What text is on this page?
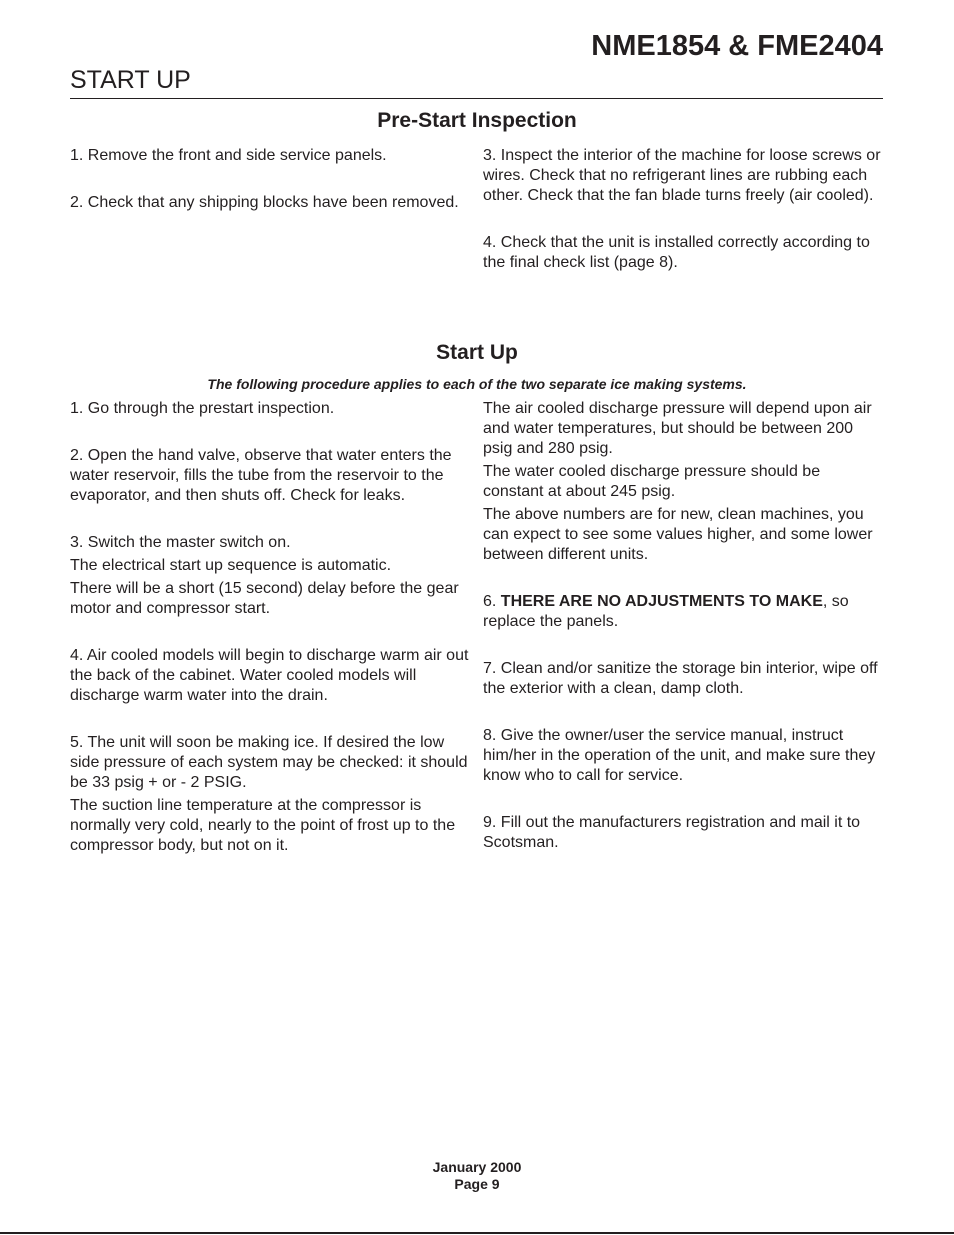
NME1854 & FME2404
START UP
Pre-Start Inspection

1. Remove the front and side service panels.

2. Check that any shipping blocks have been removed.

3. Inspect the interior of the machine for loose screws or wires. Check that no refrigerant lines are rubbing each other. Check that the fan blade turns freely (air cooled).

4. Check that the unit is installed correctly according to the final check list (page 8).

Start Up
The following procedure applies to each of the two separate ice making systems.

1. Go through the prestart inspection.

2. Open the hand valve, observe that water enters the water reservoir, fills the tube from the reservoir to the evaporator, and then shuts off. Check for leaks.

3. Switch the master switch on.

The electrical start up sequence is automatic.

There will be a short (15 second) delay before the gear motor and compressor start.

4. Air cooled models will begin to discharge warm air out the back of the cabinet. Water cooled models will discharge warm water into the drain.

5. The unit will soon be making ice. If desired the low side pressure of each system may be checked: it should be 33 psig + or - 2 PSIG.

The suction line temperature at the compressor is normally very cold, nearly to the point of frost up to the compressor body, but not on it.

The air cooled discharge pressure will depend upon air and water temperatures, but should be between 200 psig and 280 psig.

The water cooled discharge pressure should be constant at about 245 psig.

The above numbers are for new, clean machines, you can expect to see some values higher, and some lower between different units.

6. THERE ARE NO ADJUSTMENTS TO MAKE, so replace the panels.

7. Clean and/or sanitize the storage bin interior, wipe off the exterior with a clean, damp cloth.

8. Give the owner/user the service manual, instruct him/her in the operation of the unit, and make sure they know who to call for service.

9. Fill out the manufacturers registration and mail it to Scotsman.

January 2000
Page 9
